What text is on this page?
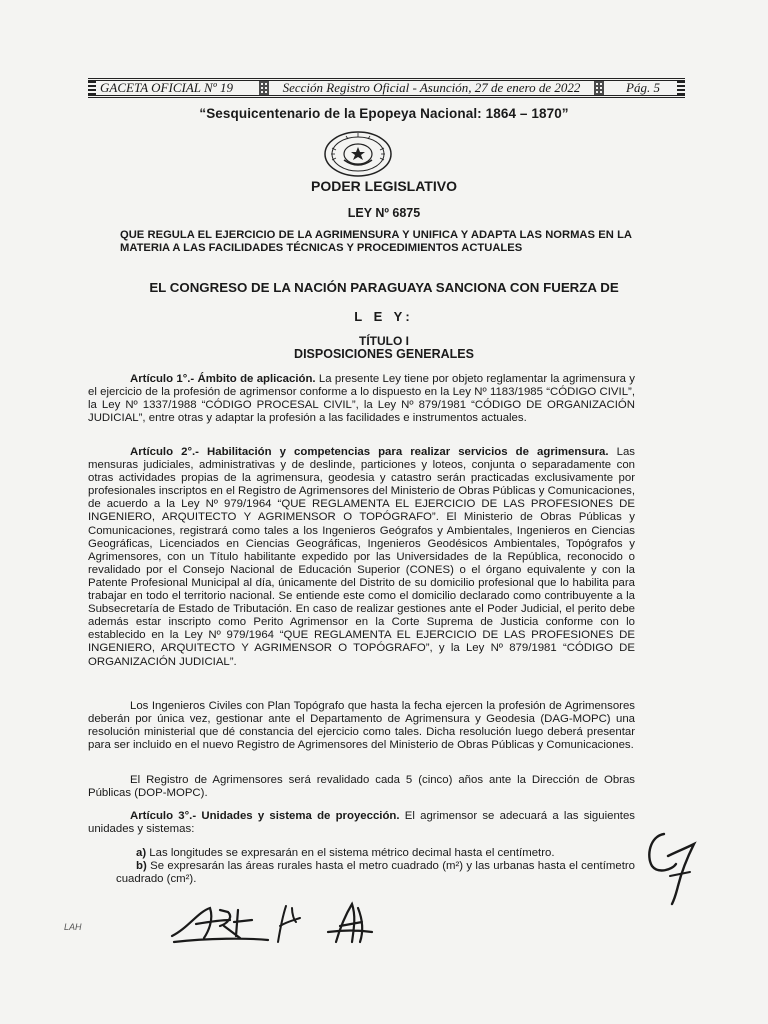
GACETA OFICIAL Nº 19	Sección Registro Oficial - Asunción, 27 de enero de 2022	Pág. 5
“Sesquicentenario de la Epopeya Nacional: 1864 – 1870”
PODER LEGISLATIVO
LEY Nº 6875
QUE REGULA EL EJERCICIO DE LA AGRIMENSURA Y UNIFICA Y ADAPTA LAS NORMAS EN LA MATERIA A LAS FACILIDADES TÉCNICAS Y PROCEDIMIENTOS ACTUALES
EL CONGRESO DE LA NACIÓN PARAGUAYA SANCIONA CON FUERZA DE
L E Y:
TÍTULO I
DISPOSICIONES GENERALES

Artículo 1°.- Ámbito de aplicación. La presente Ley tiene por objeto reglamentar la agrimensura y el ejercicio de la profesión de agrimensor conforme a lo dispuesto en la Ley Nº 1183/1985 “CÓDIGO CIVIL”, la Ley Nº 1337/1988 “CÓDIGO PROCESAL CIVIL”, la Ley Nº 879/1981 “CÓDIGO DE ORGANIZACIÓN JUDICIAL”, entre otras y adaptar la profesión a las facilidades e instrumentos actuales.

Artículo 2°.- Habilitación y competencias para realizar servicios de agrimensura. Las mensuras judiciales, administrativas y de deslinde, particiones y loteos, conjunta o separadamente con otras actividades propias de la agrimensura, geodesia y catastro serán practicadas exclusivamente por profesionales inscriptos en el Registro de Agrimensores del Ministerio de Obras Públicas y Comunicaciones, de acuerdo a la Ley Nº 979/1964 “QUE REGLAMENTA EL EJERCICIO DE LAS PROFESIONES DE INGENIERO, ARQUITECTO Y AGRIMENSOR O TOPÓGRAFO”. El Ministerio de Obras Públicas y Comunicaciones, registrará como tales a los Ingenieros Geógrafos y Ambientales, Ingenieros en Ciencias Geográficas, Licenciados en Ciencias Geográficas, Ingenieros Geodésicos Ambientales, Topógrafos y Agrimensores, con un Título habilitante expedido por las Universidades de la República, reconocido o revalidado por el Consejo Nacional de Educación Superior (CONES) o el órgano equivalente y con la Patente Profesional Municipal al día, únicamente del Distrito de su domicilio profesional que lo habilita para trabajar en todo el territorio nacional. Se entiende este como el domicilio declarado como contribuyente a la Subsecretaría de Estado de Tributación. En caso de realizar gestiones ante el Poder Judicial, el perito debe además estar inscripto como Perito Agrimensor en la Corte Suprema de Justicia conforme con lo establecido en la Ley Nº 979/1964 “QUE REGLAMENTA EL EJERCICIO DE LAS PROFESIONES DE INGENIERO, ARQUITECTO Y AGRIMENSOR O TOPÓGRAFO”, y la Ley Nº 879/1981 “CÓDIGO DE ORGANIZACIÓN JUDICIAL”.

Los Ingenieros Civiles con Plan Topógrafo que hasta la fecha ejercen la profesión de Agrimensores deberán por única vez, gestionar ante el Departamento de Agrimensura y Geodesia (DAG-MOPC) una resolución ministerial que dé constancia del ejercicio como tales. Dicha resolución luego deberá presentar para ser incluido en el nuevo Registro de Agrimensores del Ministerio de Obras Públicas y Comunicaciones.

El Registro de Agrimensores será revalidado cada 5 (cinco) años ante la Dirección de Obras Públicas (DOP-MOPC).

Artículo 3°.- Unidades y sistema de proyección. El agrimensor se adecuará a las siguientes unidades y sistemas:

a) Las longitudes se expresarán en el sistema métrico decimal hasta el centímetro.

b) Se expresarán las áreas rurales hasta el metro cuadrado (m²) y las urbanas hasta el centímetro cuadrado (cm²).

LAH
